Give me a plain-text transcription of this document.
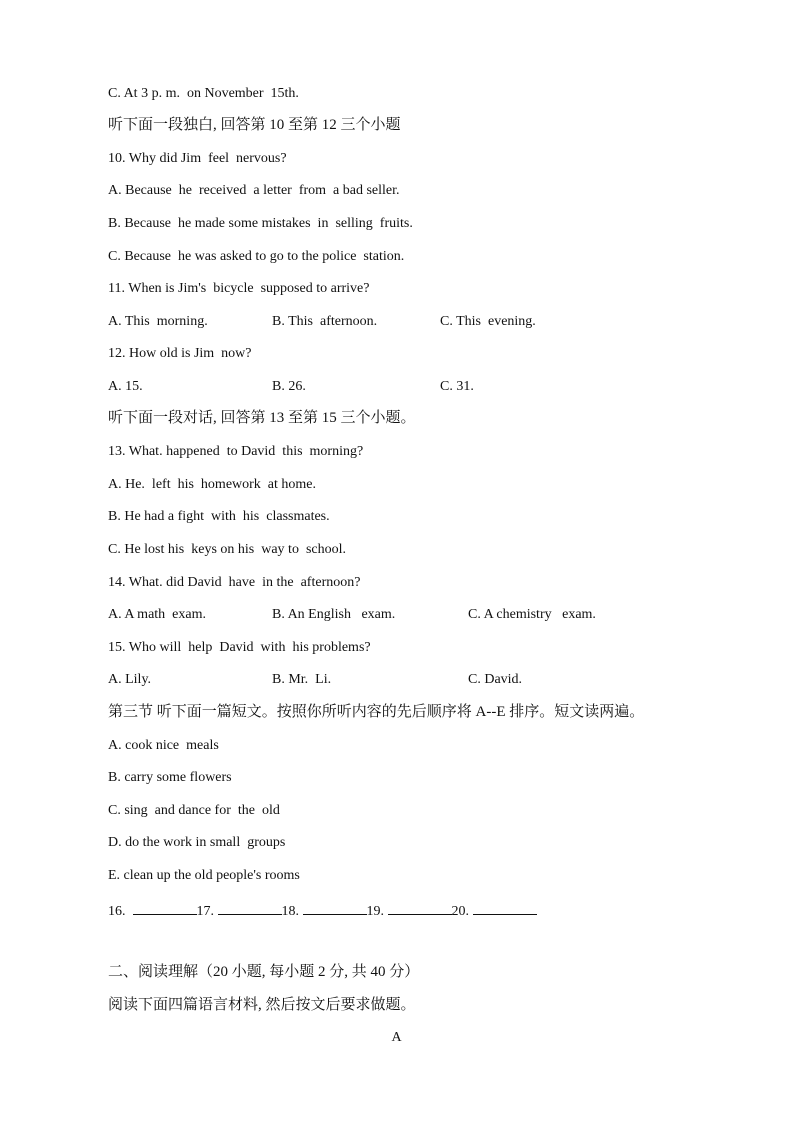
C. At 3 p. m.  on November  15th.
听下面一段独白, 回答第 10 至第 12 三个小题
10. Why did Jim  feel  nervous?
A. Because  he  received  a letter  from  a bad seller.
B. Because  he made some mistakes  in  selling  fruits.
C. Because  he was asked to go to the police  station.
11. When is Jim's  bicycle  supposed to arrive?
A. This  morning.	B. This  afternoon.	C. This  evening.
12. How old is Jim  now?
A. 15.	B. 26.	C. 31.
听下面一段对话, 回答第 13 至第 15 三个小题。
13. What. happened  to David  this  morning?
A. He.  left  his  homework  at home.
B. He had a fight  with  his  classmates.
C. He lost his  keys on his  way to  school.
14. What. did David  have  in the  afternoon?
A. A math  exam.	B. An English   exam.	C. A chemistry   exam.
15. Who will  help  David  with  his problems?
A. Lily.	B. Mr.  Li.	C. David.
第三节 听下面一篇短文。按照你所听内容的先后顺序将 A--E 排序。短文读两遍。
A. cook nice  meals
B. carry some flowers
C. sing  and dance for  the  old
D. do the work in small  groups
E. clean up the old people's rooms
16.	17.	18.	19.	20.
二、阅读理解（20 小题, 每小题 2 分, 共 40 分）
阅读下面四篇语言材料, 然后按文后要求做题。
A
